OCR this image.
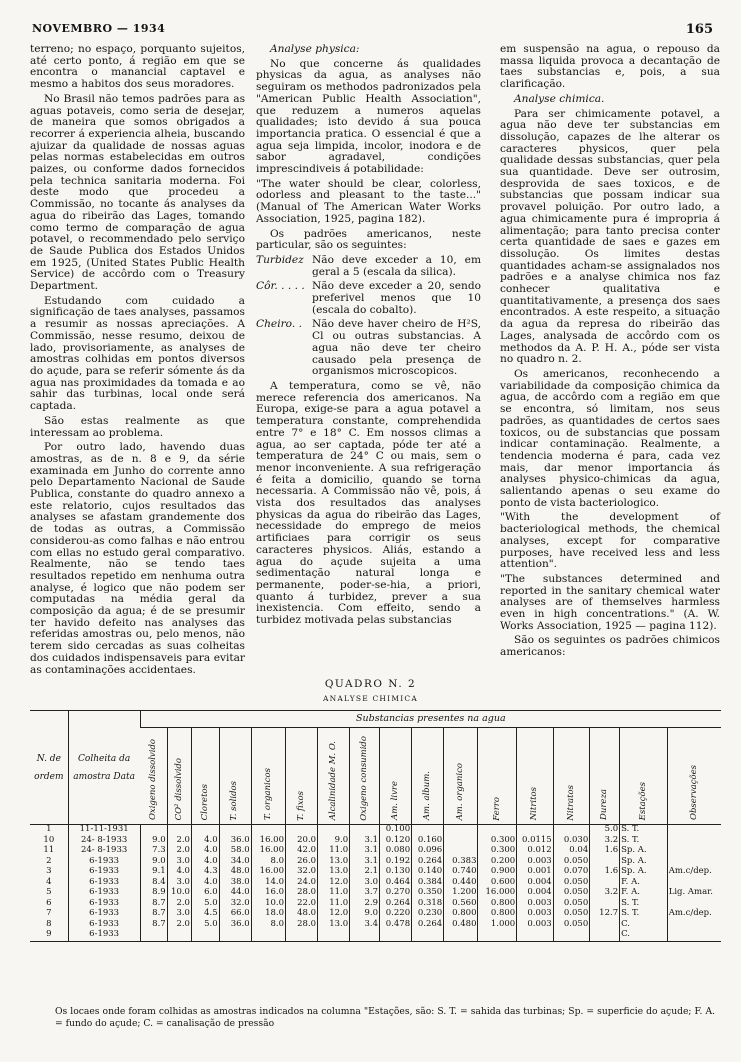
NOVEMBRO — 1934	165

terreno; no espaço, porquanto sujeitos, até certo ponto, á região em que se encontra o manancial captavel e mesmo a habitos dos seus moradores.

No Brasil não temos padrões para as aguas potaveis, como seria de desejar, de maneira que somos obrigados a recorrer á experiencia alheia, buscando ajuizar da qualidade de nossas aguas pelas normas estabelecidas em outros paizes, ou conforme dados fornecidos pela technica sanitaria moderna. Foi deste modo que procedeu a Commissão, no tocante ás analyses da agua do ribeirão das Lages, tomando como termo de comparação de agua potavel, o recommendado pelo serviço de Saude Publica dos Estados Unidos em 1925, (United States Public Health Service) de accôrdo com o Treasury Department.

Estudando com cuidado a significação de taes analyses, passamos a resumir as nossas apreciações. A Commissão, nesse resumo, deixou de lado, provisoriamente, as analyses de amostras colhidas em pontos diversos do açude, para se referir sómente ás da agua nas proximidades da tomada e ao sahir das turbinas, local onde será captada.

São estas realmente as que interessam ao problema.

Por outro lado, havendo duas amostras, as de n. 8 e 9, da série examinada em Junho do corrente anno pelo Departamento Nacional de Saude Publica, constante do quadro annexo a este relatorio, cujos resultados das analyses se afastam grandemente dos de todas as outras, a Commissão considerou-as como falhas e não entrou com ellas no estudo geral comparativo. Realmente, não se tendo taes resultados repetido em nenhuma outra analyse, é logico que não podem ser computadas na média geral da composição da agua; é de se presumir ter havido defeito nas analyses das referidas amostras ou, pelo menos, não terem sido cercadas as suas colheitas dos cuidados indispensaveis para evitar as contaminações accidentaes.

Analyse physica:

No que concerne ás qualidades physicas da agua, as analyses não seguiram os methodos padronizados pela "American Public Health Association", que reduzem a numeros aquelas qualidades; isto devido á sua pouca importancia pratica. O essencial é que a agua seja limpida, incolor, inodora e de sabor agradavel, condições imprescindiveis á potabilidade:

"The water should be clear, colorless, odorless and pleasant to the taste..." (Manual of The American Water Works Association, 1925, pagina 182).

Os padrões americanos, neste particular, são os seguintes:

Turbidez Não deve exceder a 10, em geral a 5 (escala da silica).
Côr. . . . . Não deve exceder a 20, sendo preferivel menos que 10 (escala do cobalto).
Cheiro. . Não deve haver cheiro de H²S, Cl ou outras substancias. A agua não deve ter cheiro causado pela presença de organismos microscopicos.

A temperatura, como se vê, não merece referencia dos americanos. Na Europa, exige-se para a agua potavel a temperatura constante, comprehendida entre 7° e 18° C. Em nossos climas a agua, ao ser captada, póde ter até a temperatura de 24° C ou mais, sem o menor inconveniente. A sua refrigeração é feita a domicilio, quando se torna necessaria. A Commissão não vê, pois, á vista dos resultados das analyses physicas da agua do ribeirão das Lages, necessidade do emprego de meios artificiaes para corrigir os seus caracteres physicos. Aliás, estando a agua do açude sujeita a uma sedimentação natural longa e permanente, poder-se-hia, a priori, quanto á turbidez, prever a sua inexistencia. Com effeito, sendo a turbidez motivada pelas substancias

em suspensão na agua, o repouso da massa liquida provoca a decantação de taes substancias e, pois, a sua clarificação.

Analyse chimica.

Para ser chimicamente potavel, a agua não deve ter substancias em dissolução, capazes de lhe alterar os caracteres physicos, quer pela qualidade dessas substancias, quer pela sua quantidade. Deve ser outrosim, desprovida de saes toxicos, e de substancias que possam indicar sua provavel poluição. Por outro lado, a agua chimicamente pura é impropria á alimentação; para tanto precisa conter certa quantidade de saes e gazes em dissolução. Os limites destas quantidades acham-se assignalados nos padrões e a analyse chimica nos faz conhecer qualitativa e quantitativamente, a presença dos saes encontrados. A este respeito, a situação da agua da represa do ribeirão das Lages, analysada de accôrdo com os methodos da A. P. H. A., póde ser vista no quadro n. 2.

Os americanos, reconhecendo a variabilidade da composição chimica da agua, de accôrdo com a região em que se encontra, só limitam, nos seus padrões, as quantidades de certos saes toxicos, ou de substancias que possam indicar contaminação. Realmente, a tendencia moderna é para, cada vez mais, dar menor importancia ás analyses physico-chimicas da agua, salientando apenas o seu exame do ponto de vista bacteriologico.

"With the development of bacteriological methods, the chemical analyses, except for comparative purposes, have received less and less attention".

"The substances determined and reported in the sanitary chemical water analyses are of themselves harmless even in high concentrations." (A. W. Works Association, 1925 — pagina 112).

São os seguintes os padrões chimicos americanos:

QUADRO N. 2
ANALYSE CHIMICA
N. de ordem	Colheita da amostra Data	Substancias presentes na agua																
		Oxigeno dissolvido	CO² dissolvido	Cloretos	T. solidos	T. organicos	T. fixos	Alcalinidade M. O.	Oxigeno consumido	Am. livre	Am. album.	Am. organico	Ferro	Nitritos	Nitratos	Dureza	Estações	Observações
1	11-11-1931									0.100						5.0	S. T.	
10	24- 8-1933	9.0	2.0	4.0	36.0	16.00	20.0	9.0	3.1	0.120	0.160		0.300	0.0115	0.030	3.2	S. T.	
11	24- 8-1933	7.3	2.0	4.0	58.0	16.00	42.0	11.0	3.1	0.080	0.096		0.300	0.012	0.04	1.6	Sp. A.	
2	6-1933	9.0	3.0	4.0	34.0	8.0	26.0	13.0	3.1	0.192	0.264	0.383	0.200	0.003	0.050		Sp. A.	
3	6-1933	9.1	4.0	4.3	48.0	16.00	32.0	13.0	2.1	0.130	0.140	0.740	0.900	0.001	0.070	1.6	Sp. A.	Am.c/dep.
4	6-1933	8.4	3.0	4.0	38.0	14.0	24.0	12.0	3.0	0.464	0.384	0.440	0.600	0.004	0.050		F. A.	
5	6-1933	8.9	10.0	6.0	44.0	16.0	28.0	11.0	3.7	0.270	0.350	1.200	16.000	0.004	0.050	3.2	F. A.	Lig. Amar.
6	6-1933	8.7	2.0	5.0	32.0	10.0	22.0	11.0	2.9	0.264	0.318	0.560	0.800	0.003	0.050		S. T.	
7	6-1933	8.7	3.0	4.5	66.0	18.0	48.0	12.0	9.0	0.220	0.230	0.800	0.800	0.003	0.050	12.7	S. T.	Am.c/dep.
8	6-1933	8.7	2.0	5.0	36.0	8.0	28.0	13.0	3.4	0.478	0.264	0.480	1.000	0.003	0.050		C.	
9	6-1933																C.	
Os locaes onde foram colhidas as amostras indicados na columna "Estações, são: S. T. = sahida das turbinas; Sp. = superficie do açude; F. A. = fundo do açude; C. = canalisação de pressão
